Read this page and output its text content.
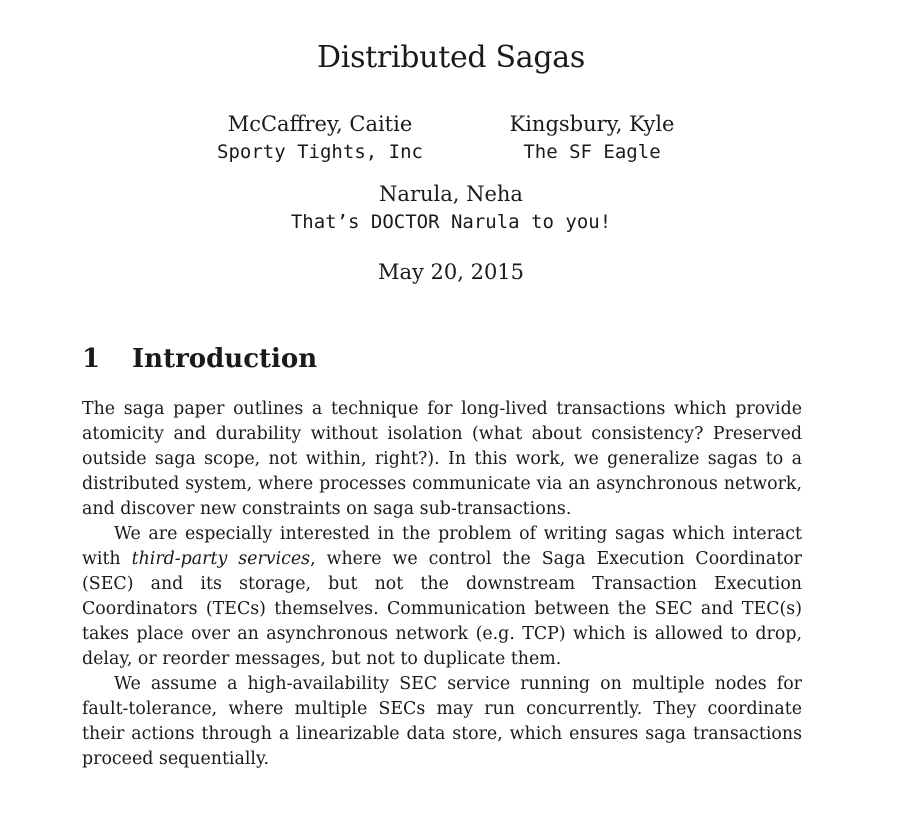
Distributed Sagas
McCaffrey, Caitie
Sporty Tights, Inc
Kingsbury, Kyle
The SF Eagle
Narula, Neha
That’s DOCTOR Narula to you!
May 20, 2015
1 Introduction

The saga paper outlines a technique for long-lived transactions which provide atomicity and durability without isolation (what about consistency? Preserved outside saga scope, not within, right?). In this work, we generalize sagas to a distributed system, where processes communicate via an asynchronous network, and discover new constraints on saga sub-transactions.

We are especially interested in the problem of writing sagas which interact with third-party services, where we control the Saga Execution Coordinator (SEC) and its storage, but not the downstream Transaction Execution Coordinators (TECs) themselves. Communication between the SEC and TEC(s) takes place over an asynchronous network (e.g. TCP) which is allowed to drop, delay, or reorder messages, but not to duplicate them.

We assume a high-availability SEC service running on multiple nodes for fault-tolerance, where multiple SECs may run concurrently. They coordinate their actions through a linearizable data store, which ensures saga transactions proceed sequentially.
